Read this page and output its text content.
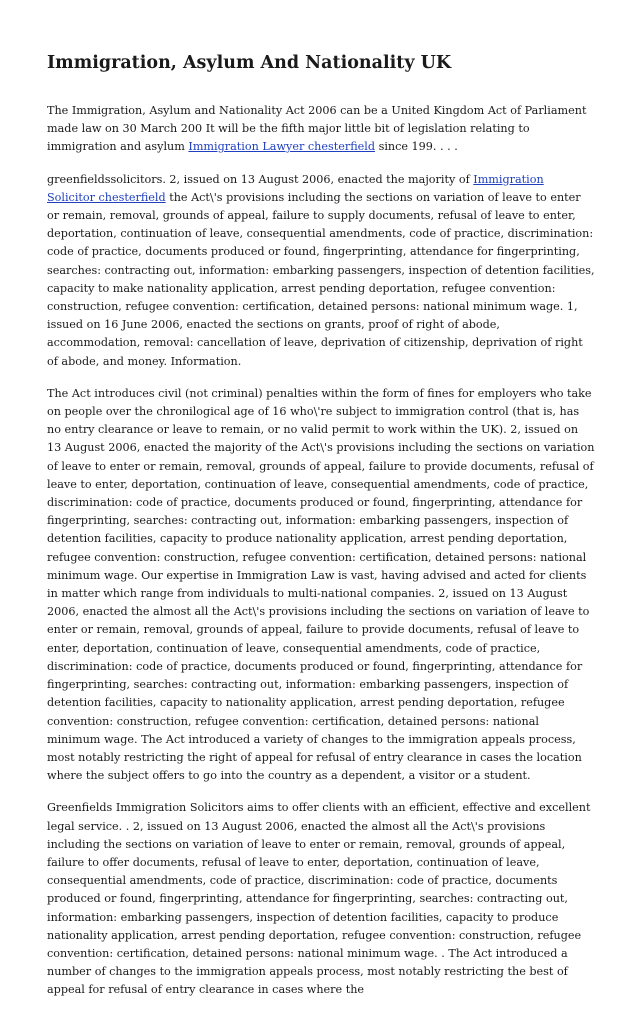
Immigration, Asylum And Nationality UK

The Immigration, Asylum and Nationality Act 2006 can be a United Kingdom Act of Parliament made law on 30 March 200 It will be the fifth major little bit of legislation relating to immigration and asylum Immigration Lawyer chesterfield since 199. . . .

greenfieldssolicitors. 2, issued on 13 August 2006, enacted the majority of Immigration Solicitor chesterfield the Act\'s provisions including the sections on variation of leave to enter or remain, removal, grounds of appeal, failure to supply documents, refusal of leave to enter, deportation, continuation of leave, consequential amendments, code of practice, discrimination: code of practice, documents produced or found, fingerprinting, attendance for fingerprinting, searches: contracting out, information: embarking passengers, inspection of detention facilities, capacity to make nationality application, arrest pending deportation, refugee convention: construction, refugee convention: certification, detained persons: national minimum wage. 1, issued on 16 June 2006, enacted the sections on grants, proof of right of abode, accommodation, removal: cancellation of leave, deprivation of citizenship, deprivation of right of abode, and money. Information.

The Act introduces civil (not criminal) penalties within the form of fines for employers who take on people over the chronilogical age of 16 who\'re subject to immigration control (that is, has no entry clearance or leave to remain, or no valid permit to work within the UK). 2, issued on 13 August 2006, enacted the majority of the Act\'s provisions including the sections on variation of leave to enter or remain, removal, grounds of appeal, failure to provide documents, refusal of leave to enter, deportation, continuation of leave, consequential amendments, code of practice, discrimination: code of practice, documents produced or found, fingerprinting, attendance for fingerprinting, searches: contracting out, information: embarking passengers, inspection of detention facilities, capacity to produce nationality application, arrest pending deportation, refugee convention: construction, refugee convention: certification, detained persons: national minimum wage. Our expertise in Immigration Law is vast, having advised and acted for clients in matter which range from individuals to multi-national companies. 2, issued on 13 August 2006, enacted the almost all the Act\'s provisions including the sections on variation of leave to enter or remain, removal, grounds of appeal, failure to provide documents, refusal of leave to enter, deportation, continuation of leave, consequential amendments, code of practice, discrimination: code of practice, documents produced or found, fingerprinting, attendance for fingerprinting, searches: contracting out, information: embarking passengers, inspection of detention facilities, capacity to nationality application, arrest pending deportation, refugee convention: construction, refugee convention: certification, detained persons: national minimum wage. The Act introduced a variety of changes to the immigration appeals process, most notably restricting the right of appeal for refusal of entry clearance in cases the location where the subject offers to go into the country as a dependent, a visitor or a student.

Greenfields Immigration Solicitors aims to offer clients with an efficient, effective and excellent legal service. . 2, issued on 13 August 2006, enacted the almost all the Act\'s provisions including the sections on variation of leave to enter or remain, removal, grounds of appeal, failure to offer documents, refusal of leave to enter, deportation, continuation of leave, consequential amendments, code of practice, discrimination: code of practice, documents produced or found, fingerprinting, attendance for fingerprinting, searches: contracting out, information: embarking passengers, inspection of detention facilities, capacity to produce nationality application, arrest pending deportation, refugee convention: construction, refugee convention: certification, detained persons: national minimum wage. . The Act introduced a number of changes to the immigration appeals process, most notably restricting the best of appeal for refusal of entry clearance in cases where the
